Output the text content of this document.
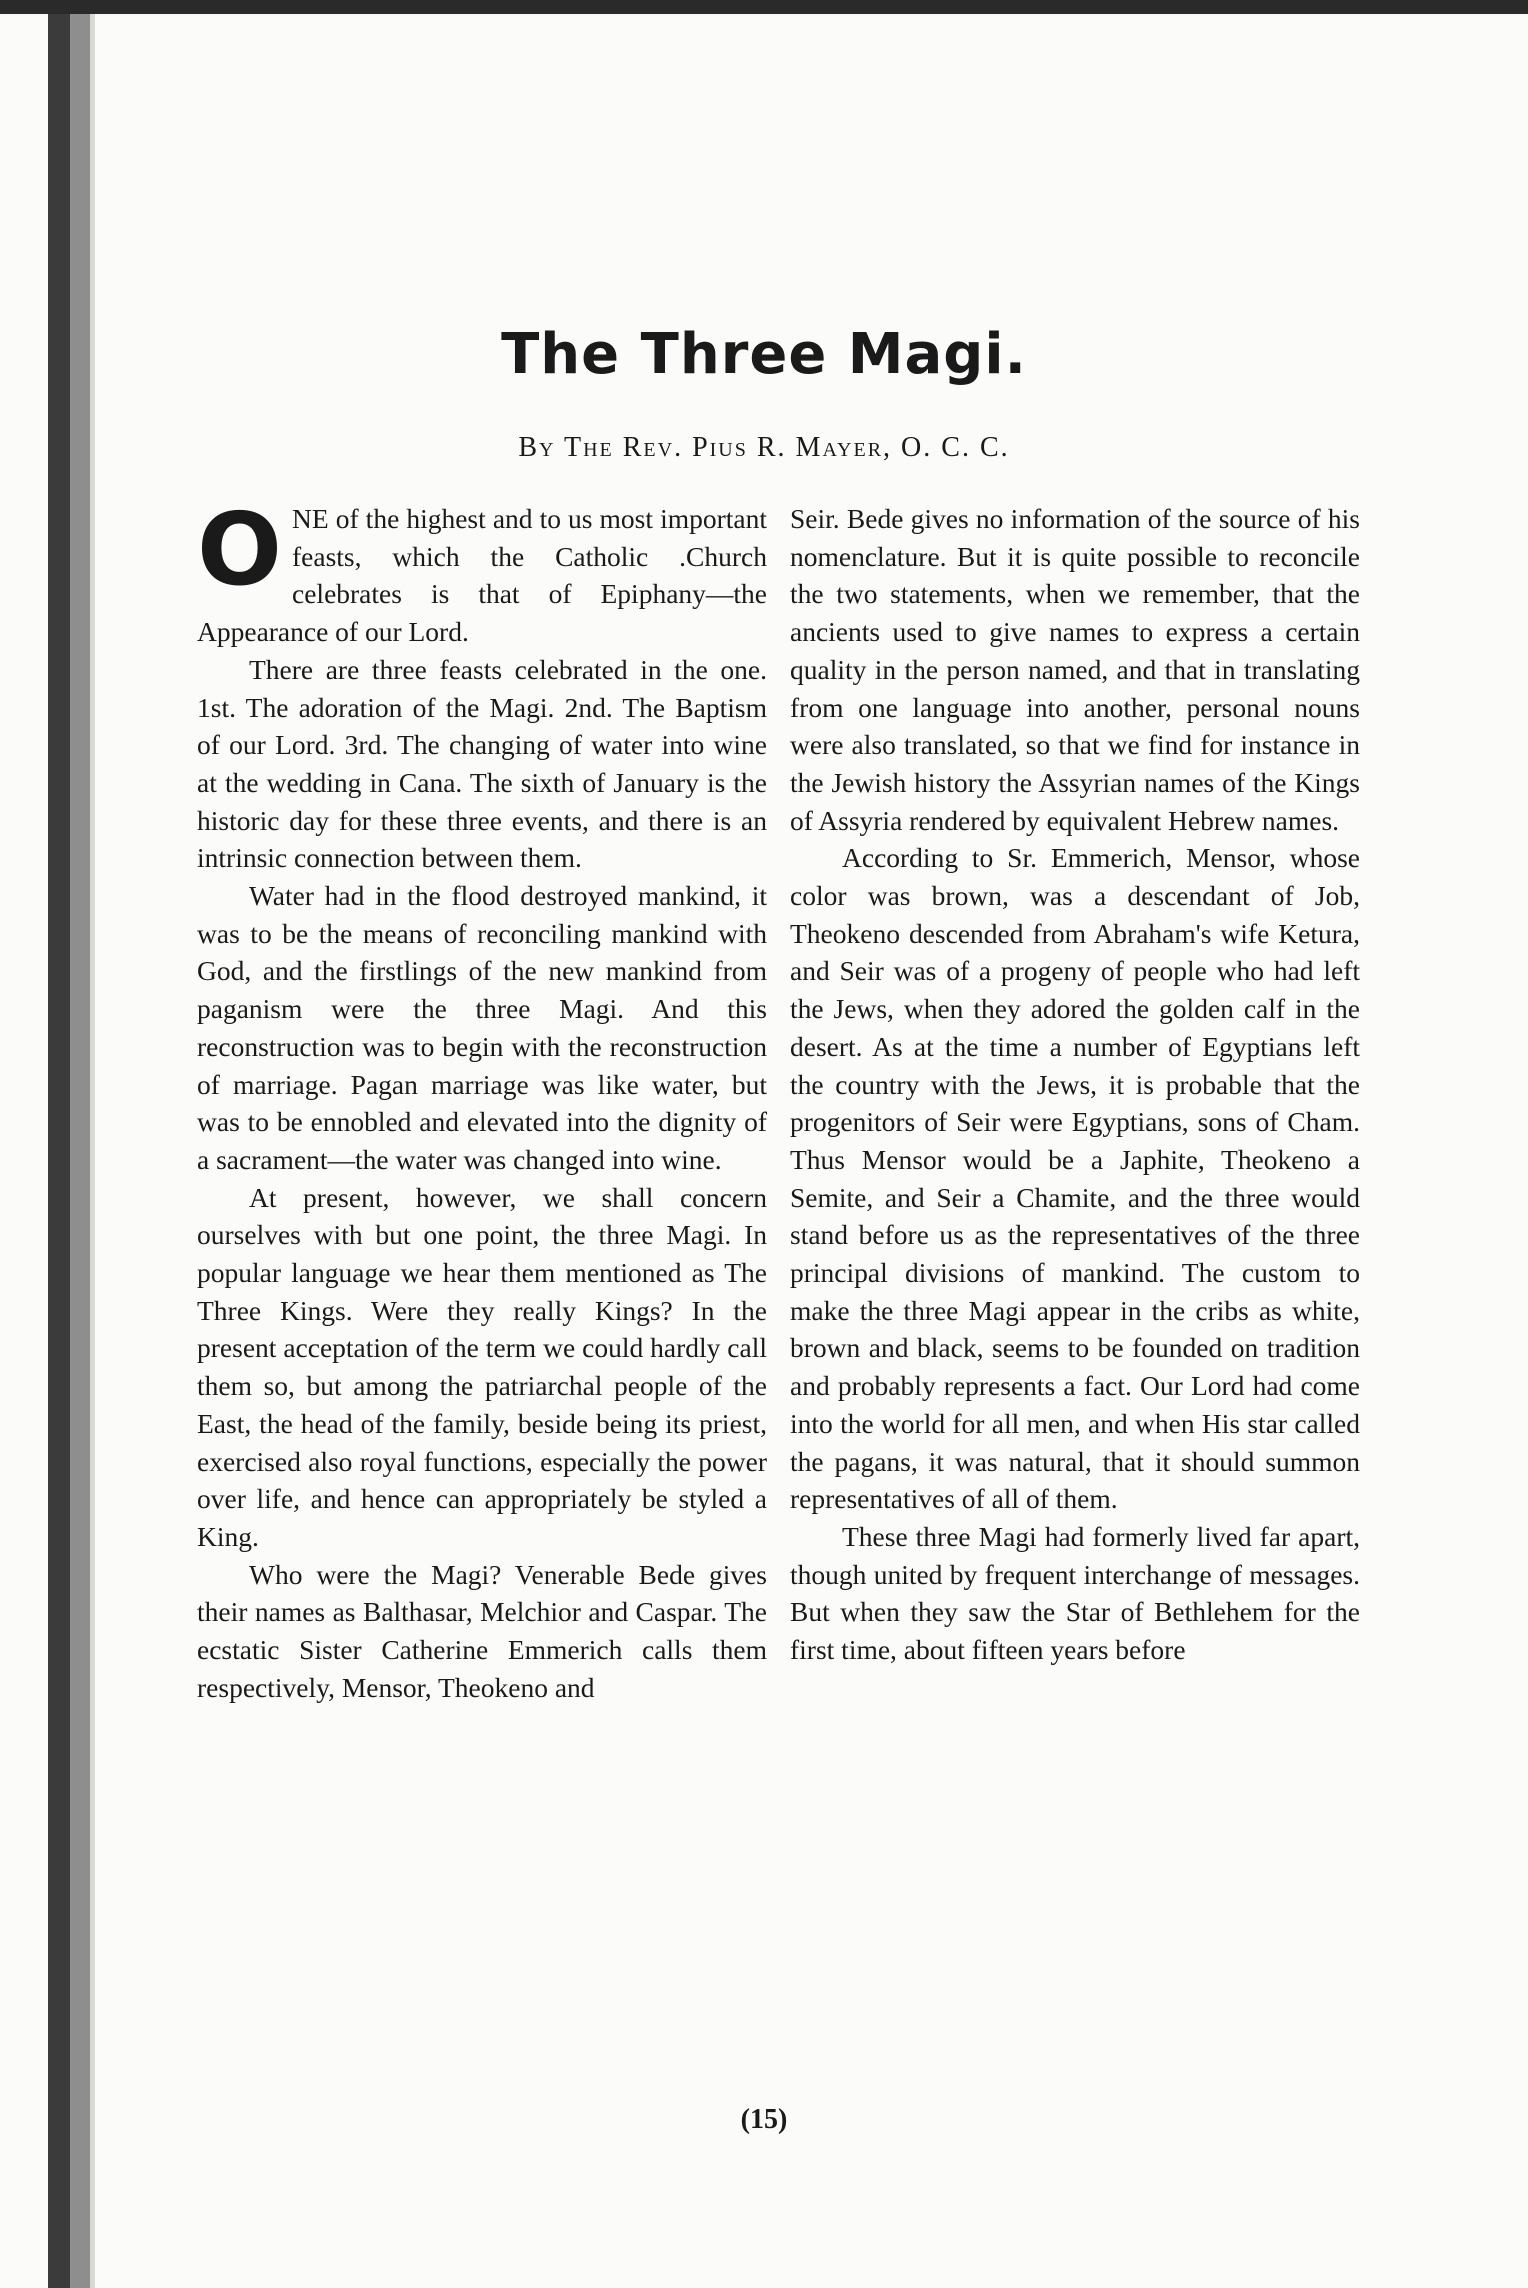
The Three Magi.
By The Rev. Pius R. Mayer, O. C. C.

ONE of the highest and to us most important feasts, which the Catholic .Church celebrates is that of Epiphany—the Appearance of our Lord.

There are three feasts celebrated in the one. 1st. The adoration of the Magi. 2nd. The Baptism of our Lord. 3rd. The changing of water into wine at the wedding in Cana. The sixth of January is the historic day for these three events, and there is an intrinsic connection between them.

Water had in the flood destroyed mankind, it was to be the means of reconciling mankind with God, and the firstlings of the new mankind from paganism were the three Magi. And this reconstruction was to begin with the reconstruction of marriage. Pagan marriage was like water, but was to be ennobled and elevated into the dignity of a sacrament—the water was changed into wine.

At present, however, we shall concern ourselves with but one point, the three Magi. In popular language we hear them mentioned as The Three Kings. Were they really Kings? In the present acceptation of the term we could hardly call them so, but among the patriarchal people of the East, the head of the family, beside being its priest, exercised also royal functions, especially the power over life, and hence can appropriately be styled a King.

Who were the Magi? Venerable Bede gives their names as Balthasar, Melchior and Caspar. The ecstatic Sister Catherine Emmerich calls them respectively, Mensor, Theokeno and

Seir. Bede gives no information of the source of his nomenclature. But it is quite possible to reconcile the two statements, when we remember, that the ancients used to give names to express a certain quality in the person named, and that in translating from one language into another, personal nouns were also translated, so that we find for instance in the Jewish history the Assyrian names of the Kings of Assyria rendered by equivalent Hebrew names.

According to Sr. Emmerich, Mensor, whose color was brown, was a descendant of Job, Theokeno descended from Abraham's wife Ketura, and Seir was of a progeny of people who had left the Jews, when they adored the golden calf in the desert. As at the time a number of Egyptians left the country with the Jews, it is probable that the progenitors of Seir were Egyptians, sons of Cham. Thus Mensor would be a Japhite, Theokeno a Semite, and Seir a Chamite, and the three would stand before us as the representatives of the three principal divisions of mankind. The custom to make the three Magi appear in the cribs as white, brown and black, seems to be founded on tradition and probably represents a fact. Our Lord had come into the world for all men, and when His star called the pagans, it was natural, that it should summon representatives of all of them.

These three Magi had formerly lived far apart, though united by frequent interchange of messages. But when they saw the Star of Bethlehem for the first time, about fifteen years before

(15)
